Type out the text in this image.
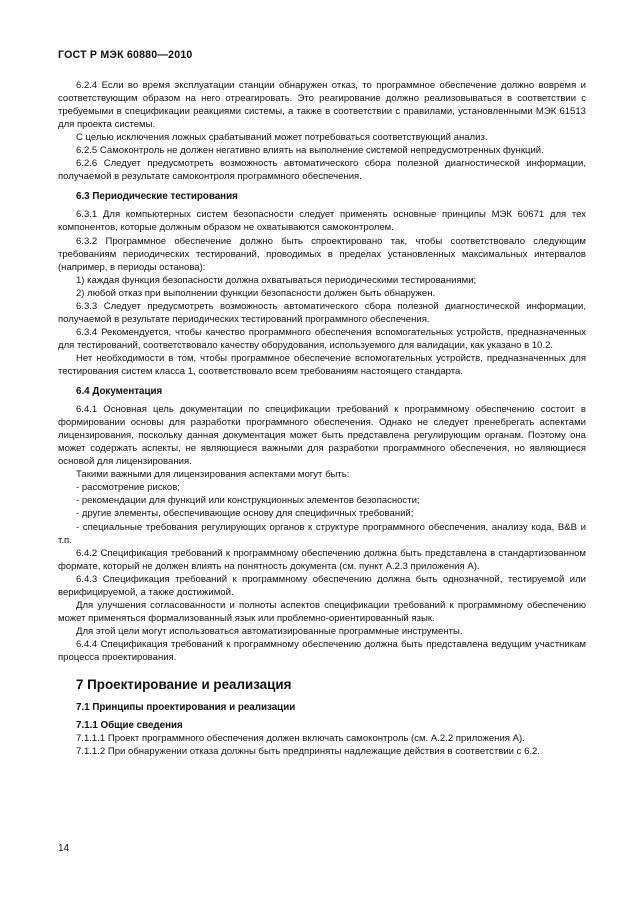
ГОСТ Р МЭК 60880—2010

6.2.4 Если во время эксплуатации станции обнаружен отказ, то программное обеспечение должно вовремя и соответствующим образом на него отреагировать. Это реагирование должно реализовываться в соответствии с требуемыми в спецификации реакциями системы, а также в соответствии с правилами, установленными МЭК 61513 для проекта системы.

С целью исключения ложных срабатываний может потребоваться соответствующий анализ.

6.2.5 Самоконтроль не должен негативно влиять на выполнение системой непредусмотренных функций.

6.2.6 Следует предусмотреть возможность автоматического сбора полезной диагностической информации, получаемой в результате самоконтроля программного обеспечения.

6.3 Периодические тестирования

6.3.1 Для компьютерных систем безопасности следует применять основные принципы МЭК 60671 для тех компонентов, которые должным образом не охватываются самоконтролем.

6.3.2 Программное обеспечение должно быть спроектировано так, чтобы соответствовало следующим требованиям периодических тестирований, проводимых в пределах установленных максимальных интервалов (например, в периоды останова):

1) каждая функция безопасности должна охватываться периодическими тестированиями;

2) любой отказ при выполнении функции безопасности должен быть обнаружен.

6.3.3 Следует предусмотреть возможность автоматического сбора полезной диагностической информации, получаемой в результате периодических тестирований программного обеспечения.

6.3.4 Рекомендуется, чтобы качество программного обеспечения вспомогательных устройств, предназначенных для тестирований, соответствовало качеству оборудования, используемого для валидации, как указано в 10.2.

Нет необходимости в том, чтобы программное обеспечение вспомогательных устройств, предназначенных для тестирования систем класса 1, соответствовало всем требованиям настоящего стандарта.

6.4 Документация

6.4.1 Основная цель документации по спецификации требований к программному обеспечению состоит в формировании основы для разработки программного обеспечения. Однако не следует пренебрегать аспектами лицензирования, поскольку данная документация может быть представлена регулирующим органам. Поэтому она может содержать аспекты, не являющиеся важными для разработки программного обеспечения, но являющиеся основой для лицензирования.

Такими важными для лицензирования аспектами могут быть:

- рассмотрение рисков;

- рекомендации для функций или конструкционных элементов безопасности;

- другие элементы, обеспечивающие основу для специфичных требований;

- специальные требования регулирующих органов к структуре программного обеспечения, анализу кода, B&B и т.п.

6.4.2 Спецификация требований к программному обеспечению должна быть представлена в стандартизованном формате, который не должен влиять на понятность документа (см. пункт А.2.3 приложения А).

6.4.3 Спецификация требований к программному обеспечению должна быть однозначной, тестируемой или верифицируемой, а также достижимой.

Для улучшения согласованности и полноты аспектов спецификации требований к программному обеспечению может применяться формализованный язык или проблемно-ориентированный язык.

Для этой цели могут использоваться автоматизированные программные инструменты.

6.4.4 Спецификация требований к программному обеспечению должна быть представлена ведущим участникам процесса проектирования.

7 Проектирование и реализация
7.1 Принципы проектирования и реализации
7.1.1 Общие сведения

7.1.1.1 Проект программного обеспечения должен включать самоконтроль (см. А.2.2 приложения А).

7.1.1.2 При обнаружении отказа должны быть предприняты надлежащие действия в соответствии с 6.2.

14
